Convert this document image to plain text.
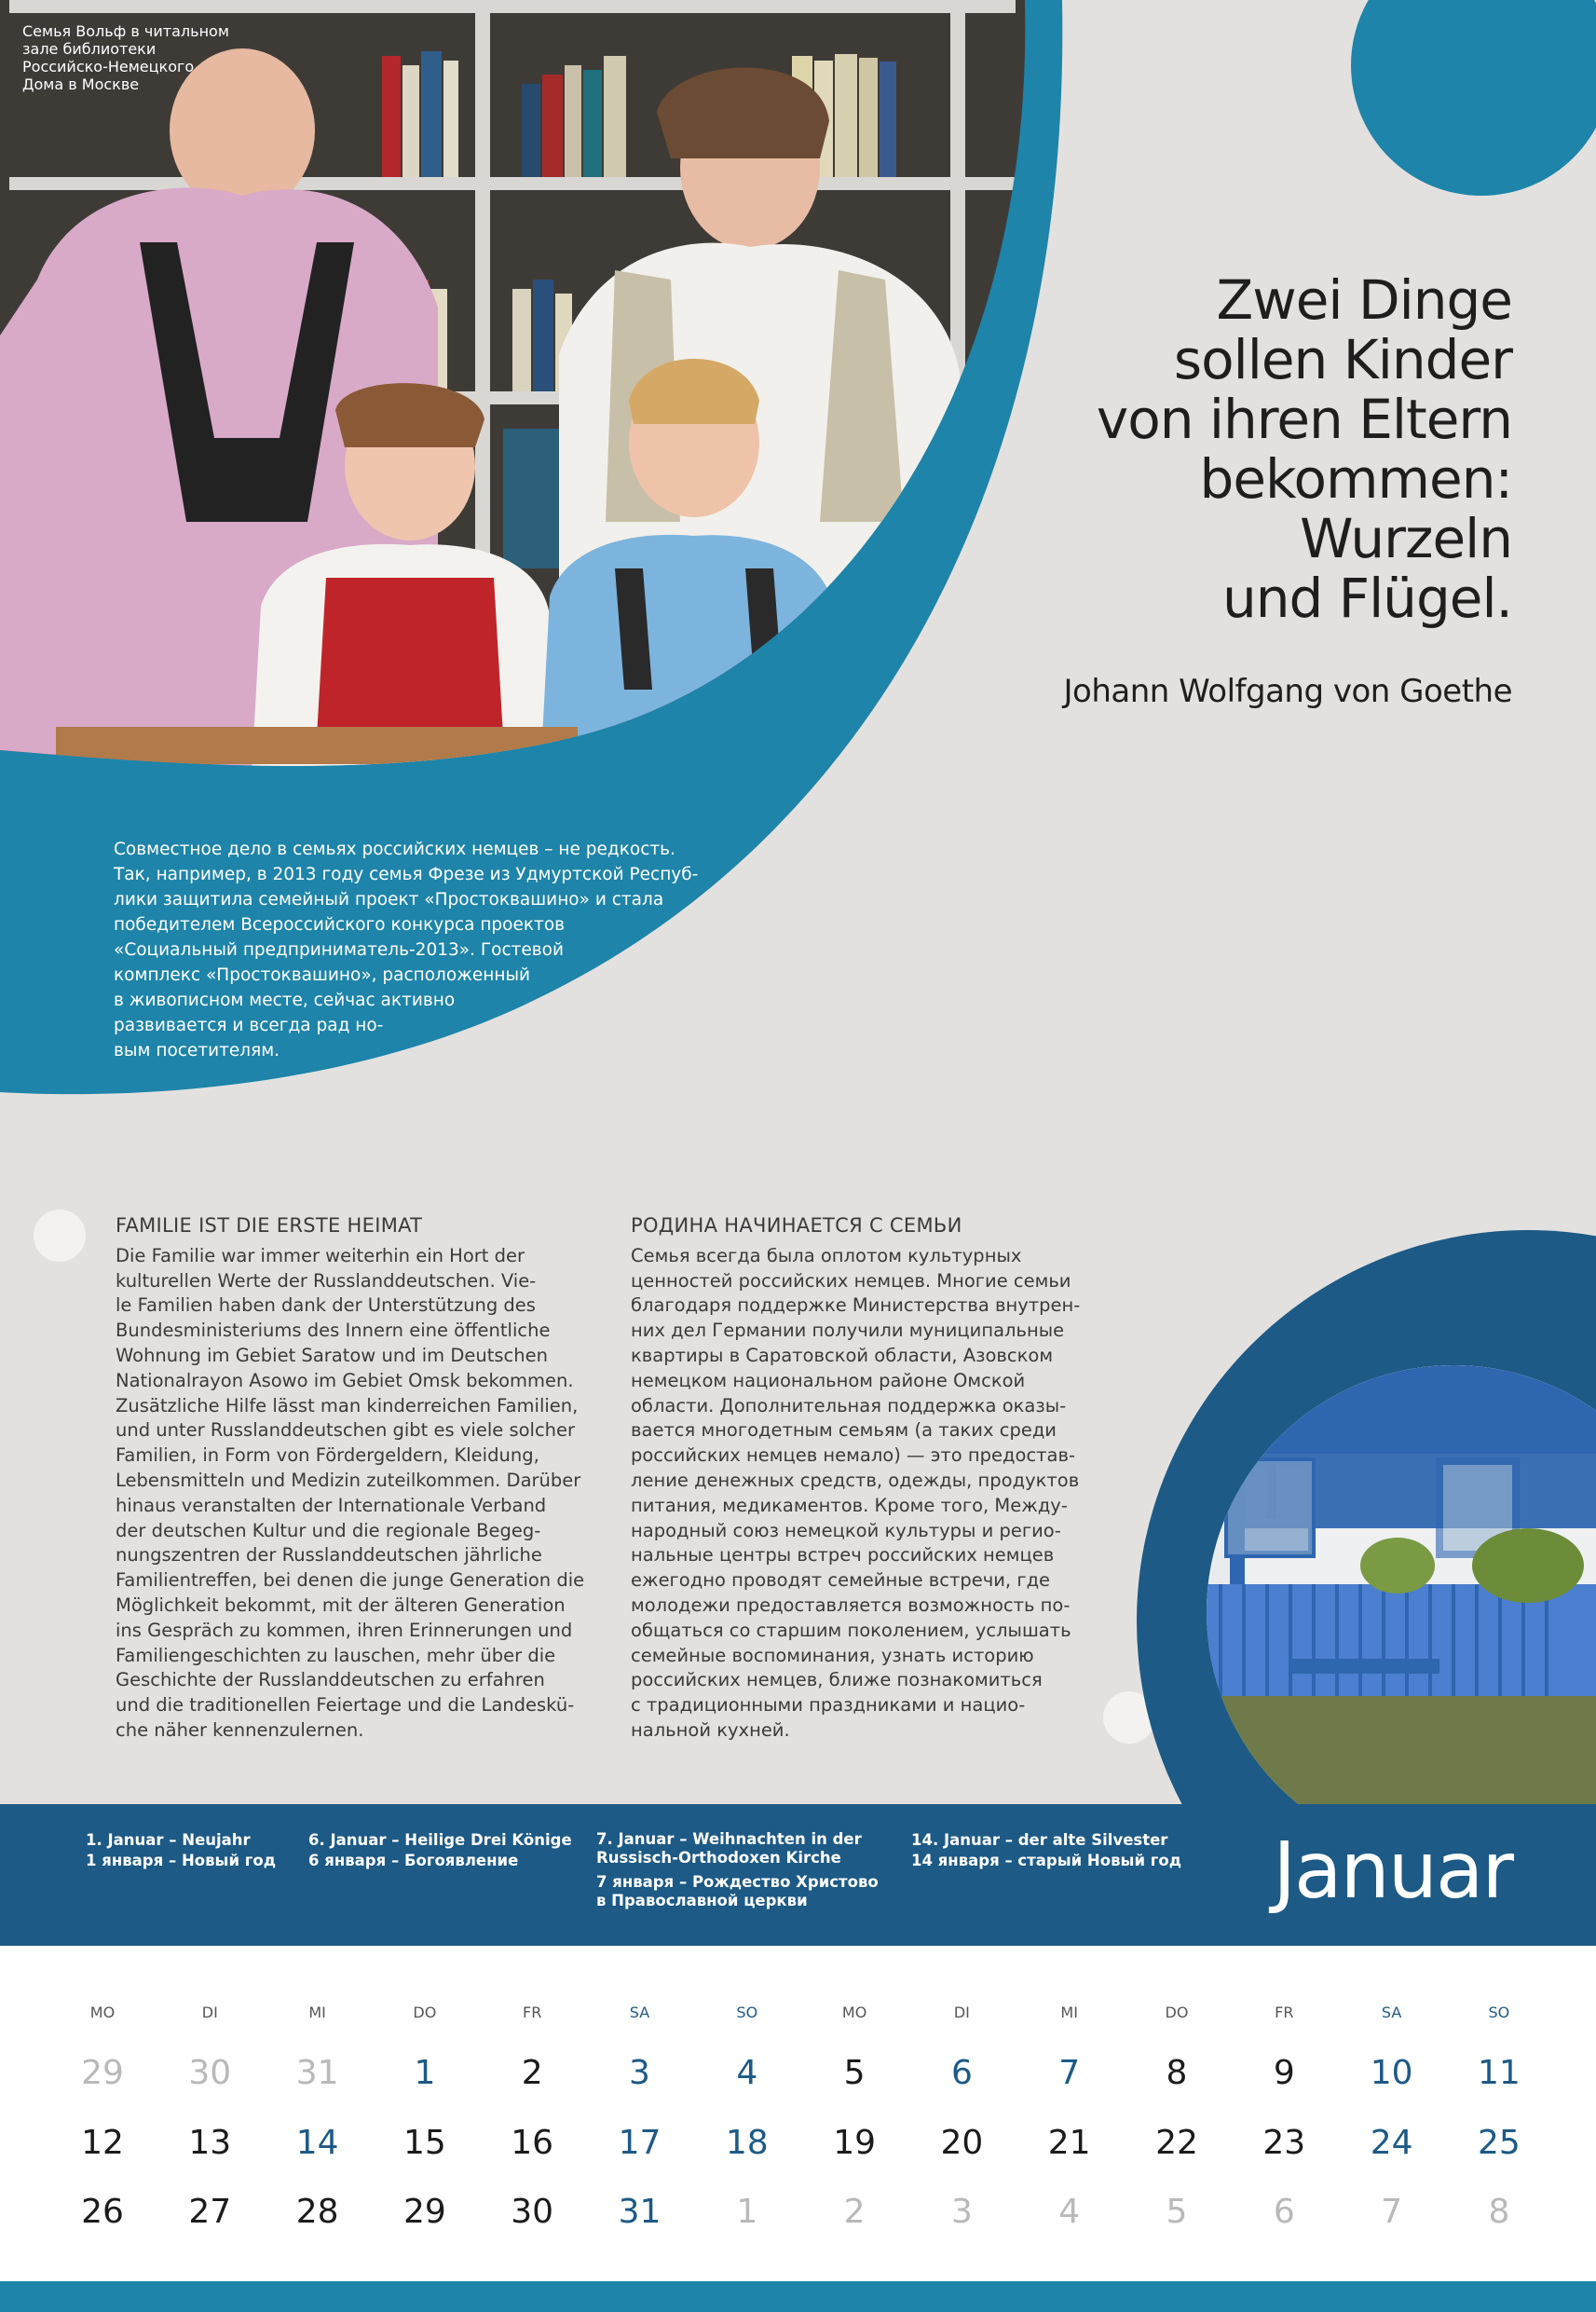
Семья Вольф в читальном
зале библиотеки
Российско-Немецкого
Дома в Москве
Zwei Dinge
sollen Kinder
von ihren Eltern
bekommen:
Wurzeln
und Flügel.
Johann Wolfgang von Goethe
Совместное дело в семьях российских немцев – не редкость.
Так, например, в 2013 году семья Фрезе из Удмуртской Респуб-
лики защитила семейный проект «Простоквашино» и стала
победителем Всероссийского конкурса проектов
«Социальный предприниматель-2013». Гостевой
комплекс «Простоквашино», расположенный
в живописном месте, сейчас активно
развивается и всегда рад но-
вым посетителям.
FAMILIE IST DIE ERSTE HEIMAT
Die Familie war immer weiterhin ein Hort der
kulturellen Werte der Russlanddeutschen. Vie-
le Familien haben dank der Unterstützung des
Bundesministeriums des Innern eine öffentliche
Wohnung im Gebiet Saratow und im Deutschen
Nationalrayon Asowo im Gebiet Omsk bekommen.
Zusätzliche Hilfe lässt man kinderreichen Familien,
und unter Russlanddeutschen gibt es viele solcher
Familien, in Form von Fördergeldern, Kleidung,
Lebensmitteln und Medizin zuteilkommen. Darüber
hinaus veranstalten der Internationale Verband
der deutschen Kultur und die regionale Begeg-
nungszentren der Russlanddeutschen jährliche
Familientreffen, bei denen die junge Generation die
Möglichkeit bekommt, mit der älteren Generation
ins Gespräch zu kommen, ihren Erinnerungen und
Familiengeschichten zu lauschen, mehr über die
Geschichte der Russlanddeutschen zu erfahren
und die traditionellen Feiertage und die Landeskü-
che näher kennenzulernen.
РОДИНА НАЧИНАЕТСЯ С СЕМЬИ
Семья всегда была оплотом культурных
ценностей российских немцев. Многие семьи
благодаря поддержке Министерства внутрен-
них дел Германии получили муниципальные
квартиры в Саратовской области, Азовском
немецком национальном районе Омской
области. Дополнительная поддержка оказы-
вается многодетным семьям (а таких среди
российских немцев немало) — это предостав-
ление денежных средств, одежды, продуктов
питания, медикаментов. Кроме того, Между-
народный союз немецкой культуры и регио-
нальные центры встреч российских немцев
ежегодно проводят семейные встречи, где
молодежи предоставляется возможность по-
общаться со старшим поколением, услышать
семейные воспоминания, узнать историю
российских немцев, ближе познакомиться
с традиционными праздниками и нацио-
нальной кухней.
1. Januar – Neujahr
1 января – Новый год
6. Januar – Heilige Drei Könige
6 января – Богоявление
7. Januar – Weihnachten in der
Russisch-Orthodoxen Kirche
7 января – Рождество Христово
в Православной церкви
14. Januar – der alte Silvester
14 января – старый Новый год Januar
MO	DI	MI	DO	FR	SA	SO	MO	DI	MI	DO	FR	SA	SO
29	30	31	1	2	3	4	5	6	7	8	9	10	11
12	13	14	15	16	17	18	19	20	21	22	23	24	25
26	27	28	29	30	31	1	2	3	4	5	6	7	8
